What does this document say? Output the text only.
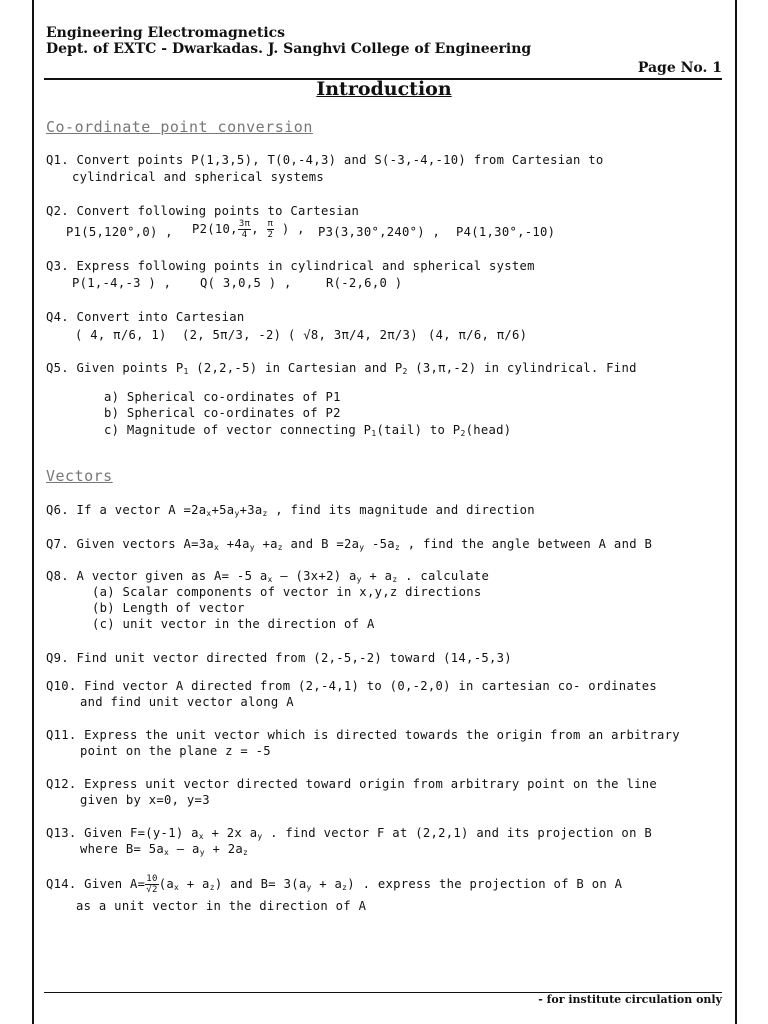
Engineering Electromagnetics
Dept. of EXTC - Dwarkadas. J. Sanghvi College of Engineering
Page No. 1
Introduction
Co-ordinate point conversion
Q1. Convert points P(1,3,5), T(0,-4,3) and S(-3,-4,-10) from Cartesian to
cylindrical and spherical systems
Q2. Convert following points to Cartesian
P1(5,120°,0) , P2(10, $\frac{3\pi}{4}$ , $\frac{\pi}{2}$ ) , P3(3,30°,240°) , P4(1,30°,-10)
Q3. Express following points in cylindrical and spherical system
P(1,-4,-3 ) , Q( 3,0,5 ) ,	R(-2,6,0 )
Q4. Convert into Cartesian
( 4, π/6, 1) (2, 5π/3, -2) ( √8, 3π/4, 2π/3) (4, π/6, π/6)
Q5. Given points $P_1$ (2,2,-5) in Cartesian and $P_2$ (3,π,-2) in cylindrical. Find
a) Spherical co-ordinates of P1
b) Spherical co-ordinates of P2
c) Magnitude of vector connecting $P_1(tail)$ to $P_2(head)$
Vectors
Q6. If a vector $A =2a_x+5a_y+3a_z$ , find its magnitude and direction
Q7. Given vectors $A=3a_x +4a_y +a_z$ and $B =2a_y$ $-5a_z$ , find the angle between A and B
Q8. A vector given as A= -5 $a_x - (3x+2) a_y + a_z$ . calculate
(a) Scalar components of vector in x,y,z directions
(b) Length of vector
(c) unit vector in the direction of A
Q9. Find unit vector directed from (2,-5,-2) toward (14,-5,3)
Q10. Find vector A directed from (2,-4,1) to (0,-2,0) in cartesian co- ordinates
and find unit vector along A
Q11. Express the unit vector which is directed towards the origin from an arbitrary
point on the plane z = -5
Q12. Express unit vector directed toward origin from arbitrary point on the line
given by x=0, y=3
Q13. Given F=(y-1) $a_x + 2x$ $a_y$ . find vector F at (2,2,1) and its projection on B
where $B= 5a_x - a_y + 2a_z$
Q14. Given $A= \frac{10}{√2} (a_x + a_z)$ and $B= 3(a_y + a_z)$ . express the projection of B on A
as a unit vector in the direction of A
- for institute circulation only
